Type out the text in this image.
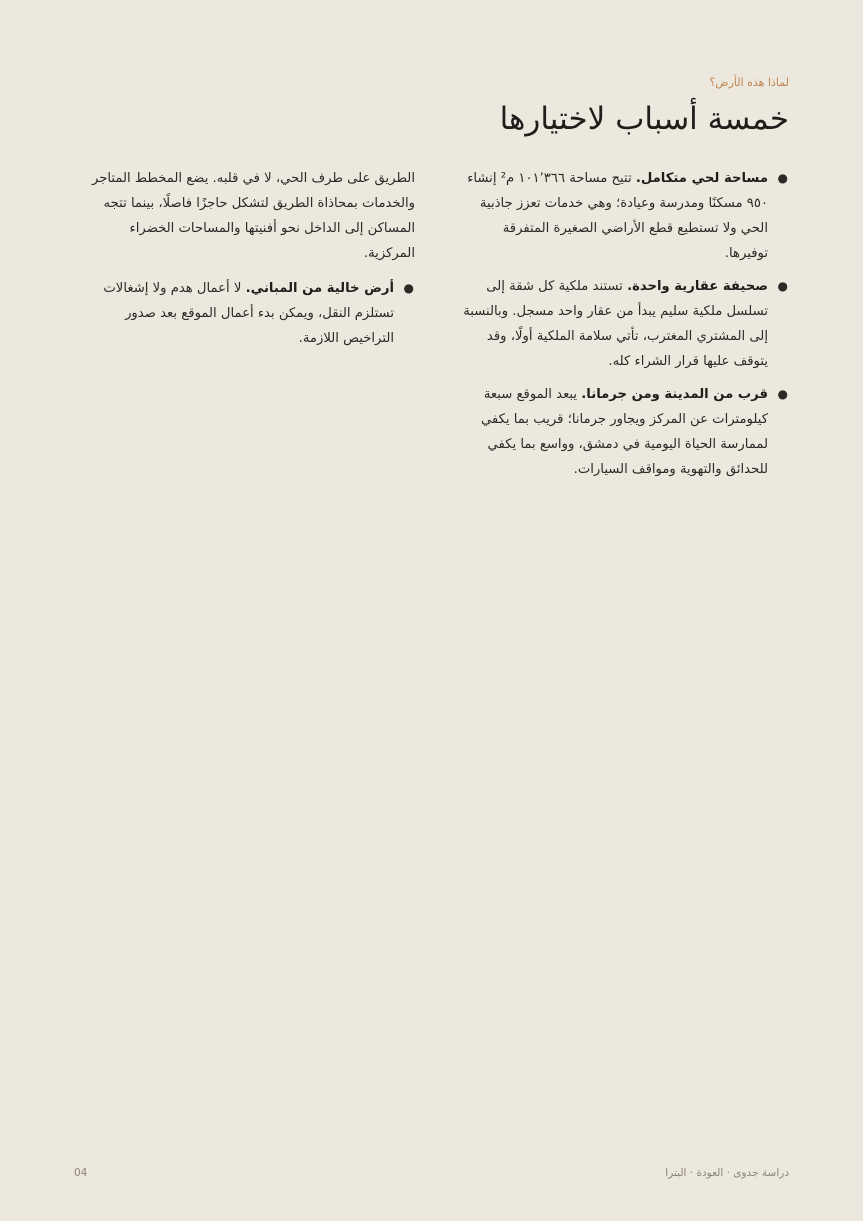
لماذا هذه الأرض؟
خمسة أسباب لاختيارها
●
مساحة لحي متكامل. تتيح مساحة ١٠١٬٣٦٦ م² إنشاء ٩٥٠ مسكنًا ومدرسة وعيادة؛ وهي خدمات تعزز جاذبية الحي ولا تستطيع قطع الأراضي الصغيرة المتفرقة توفيرها.
●
صحيفة عقارية واحدة. تستند ملكية كل شقة إلى تسلسل ملكية سليم يبدأ من عقار واحد مسجل. وبالنسبة إلى المشتري المغترب، تأتي سلامة الملكية أولًا، وقد يتوقف عليها قرار الشراء كله.
●
قرب من المدينة ومن جرمانا. يبعد الموقع سبعة كيلومترات عن المركز ويجاور جرمانا؛ قريب بما يكفي لممارسة الحياة اليومية في دمشق، وواسع بما يكفي للحدائق والتهوية ومواقف السيارات.

الطريق على طرف الحي، لا في قلبه. يضع المخطط المتاجر والخدمات بمحاذاة الطريق لتشكل حاجزًا فاصلًا، بينما تتجه المساكن إلى الداخل نحو أفنيتها والمساحات الخضراء المركزية.

●
أرض خالية من المباني. لا أعمال هدم ولا إشغالات تستلزم النقل، ويمكن بدء أعمال الموقع بعد صدور التراخيص اللازمة.
04	دراسة جدوى · العودة · البترا
